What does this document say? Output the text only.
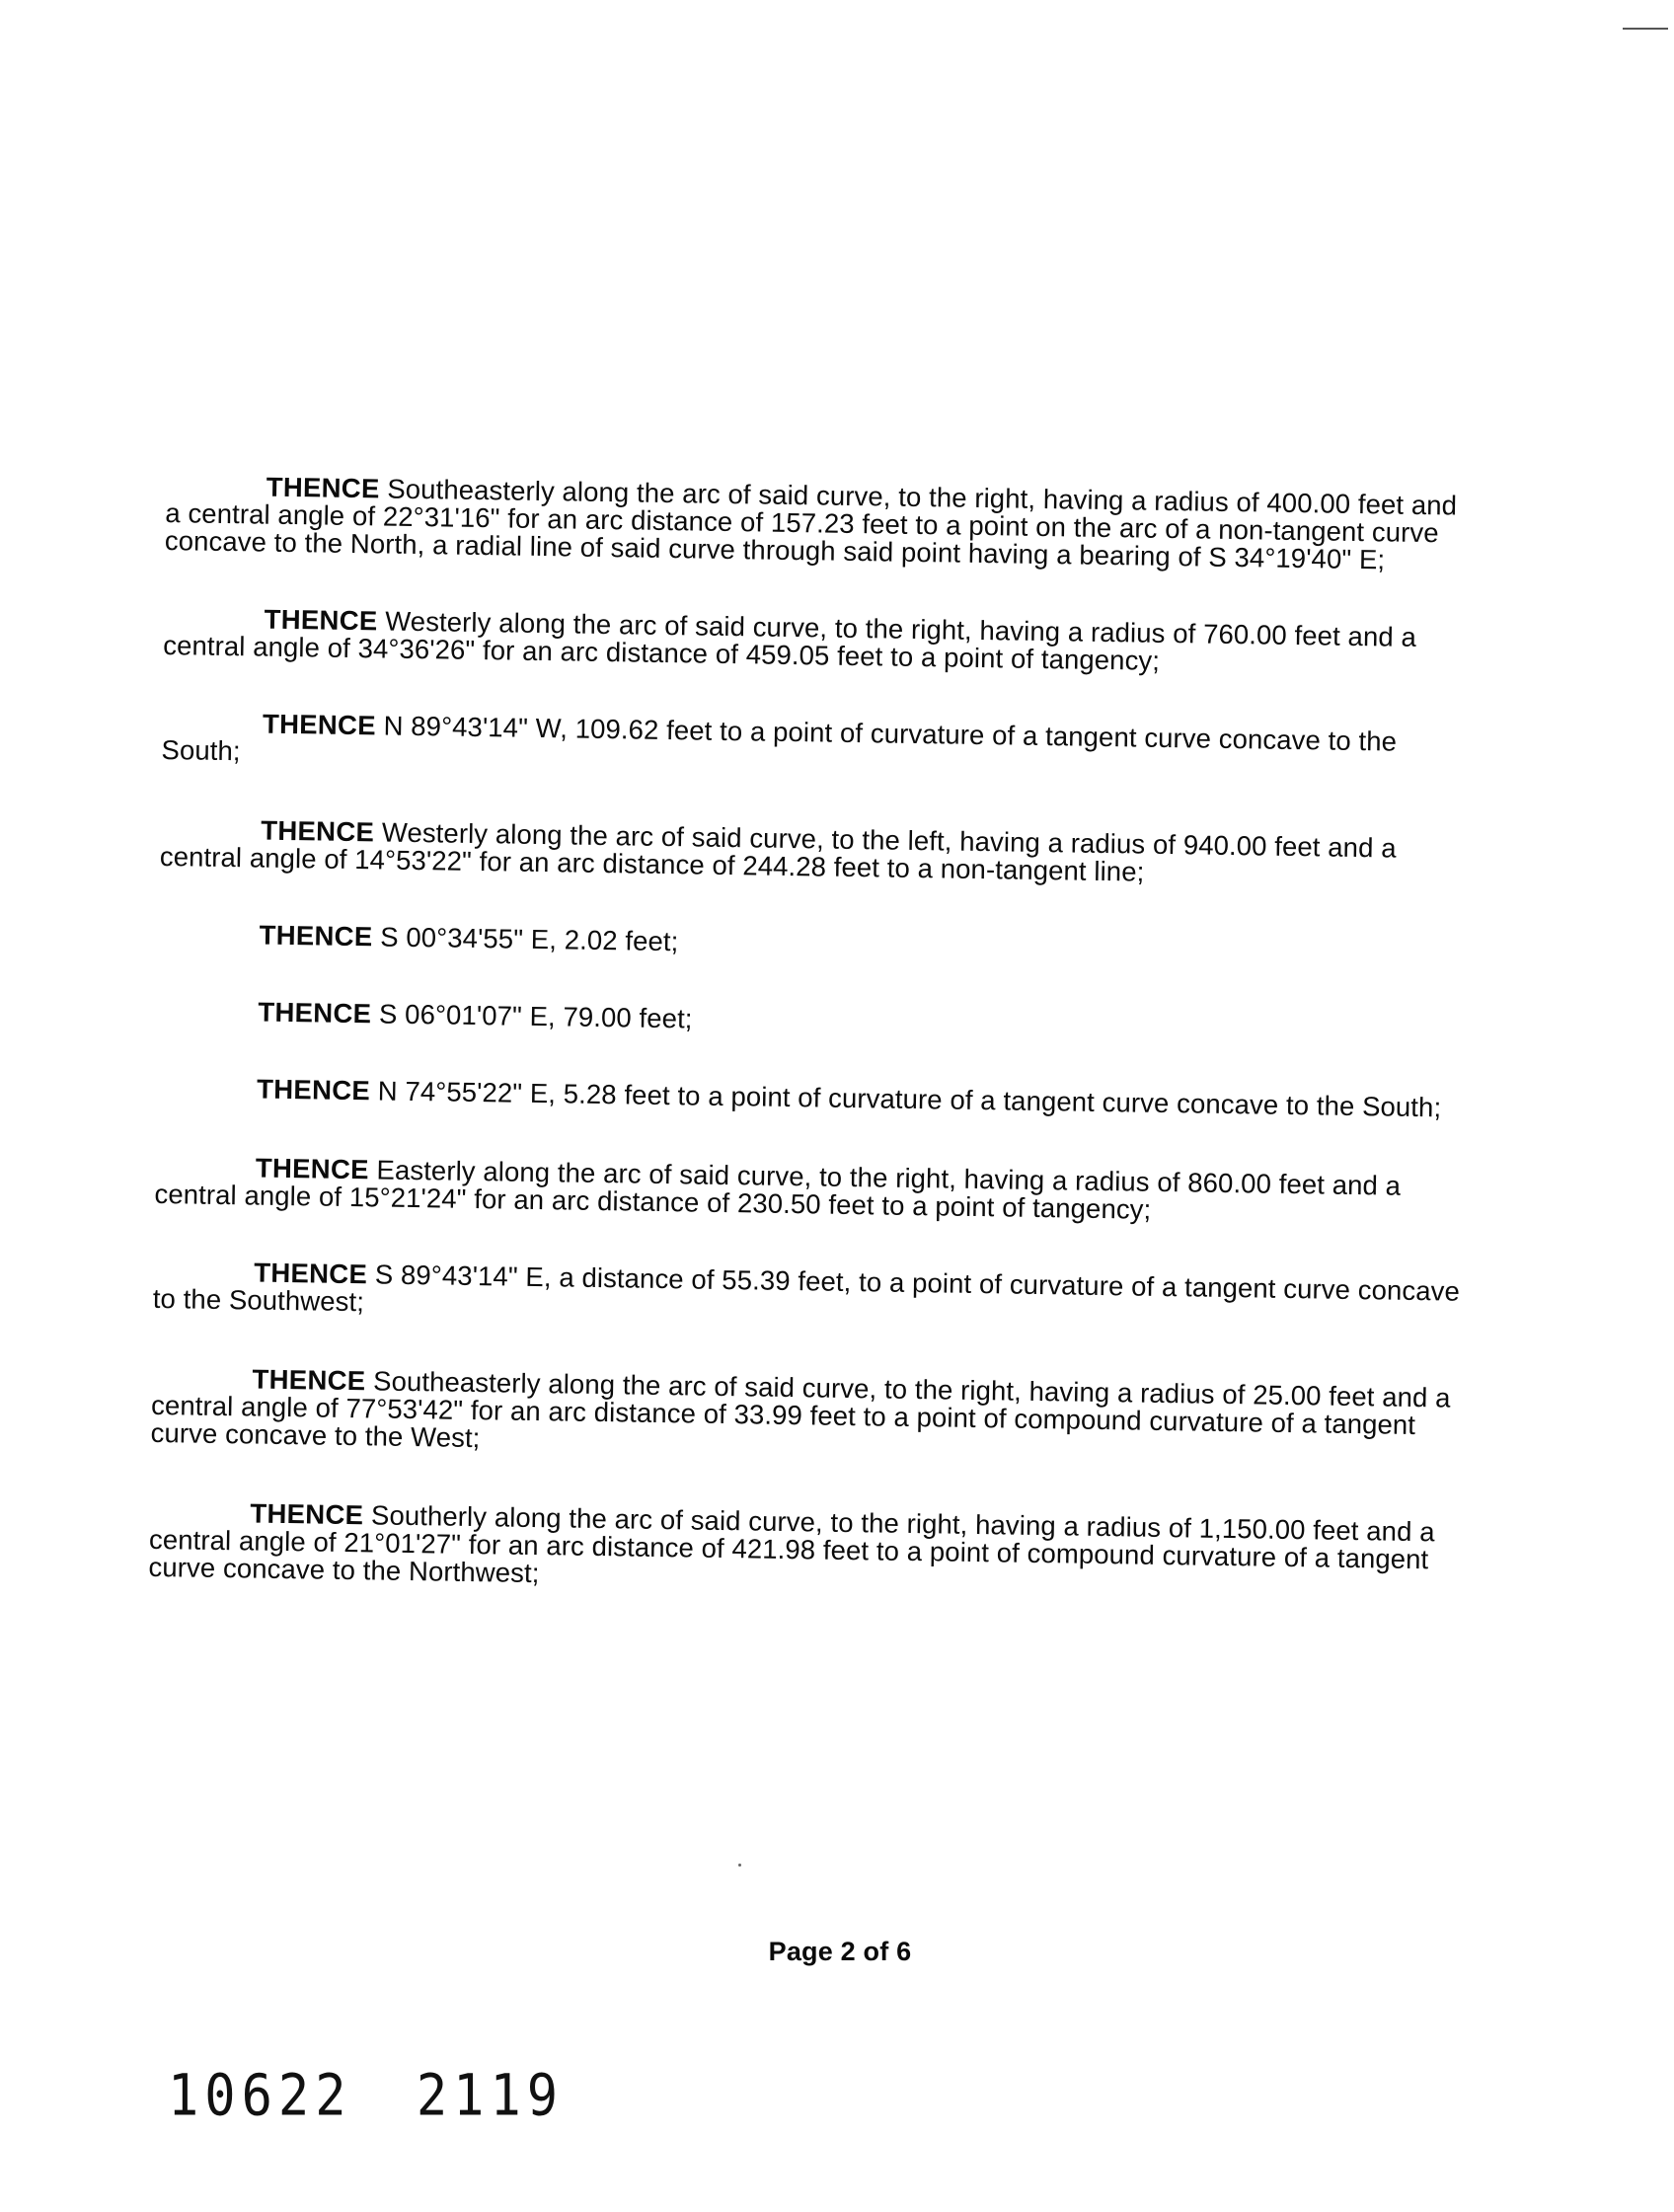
THENCE Southeasterly along the arc of said curve, to the right, having a radius of 400.00 feet and a central angle of 22°31'16" for an arc distance of 157.23 feet to a point on the arc of a non-tangent curve concave to the North, a radial line of said curve through said point having a bearing of S 34°19'40" E;

THENCE Westerly along the arc of said curve, to the right, having a radius of 760.00 feet and a central angle of 34°36'26" for an arc distance of 459.05 feet to a point of tangency;

THENCE N 89°43'14" W, 109.62 feet to a point of curvature of a tangent curve concave to the South;

THENCE Westerly along the arc of said curve, to the left, having a radius of 940.00 feet and a central angle of 14°53'22" for an arc distance of 244.28 feet to a non-tangent line;

THENCE S 00°34'55" E, 2.02 feet;

THENCE S 06°01'07" E, 79.00 feet;

THENCE N 74°55'22" E, 5.28 feet to a point of curvature of a tangent curve concave to the South;

THENCE Easterly along the arc of said curve, to the right, having a radius of 860.00 feet and a central angle of 15°21'24" for an arc distance of 230.50 feet to a point of tangency;

THENCE S 89°43'14" E, a distance of 55.39 feet, to a point of curvature of a tangent curve concave to the Southwest;

THENCE Southeasterly along the arc of said curve, to the right, having a radius of 25.00 feet and a central angle of 77°53'42" for an arc distance of 33.99 feet to a point of compound curvature of a tangent curve concave to the West;

THENCE Southerly along the arc of said curve, to the right, having a radius of 1,150.00 feet and a central angle of 21°01'27" for an arc distance of 421.98 feet to a point of compound curvature of a tangent curve concave to the Northwest;

Page 2 of 6
10622 2119
